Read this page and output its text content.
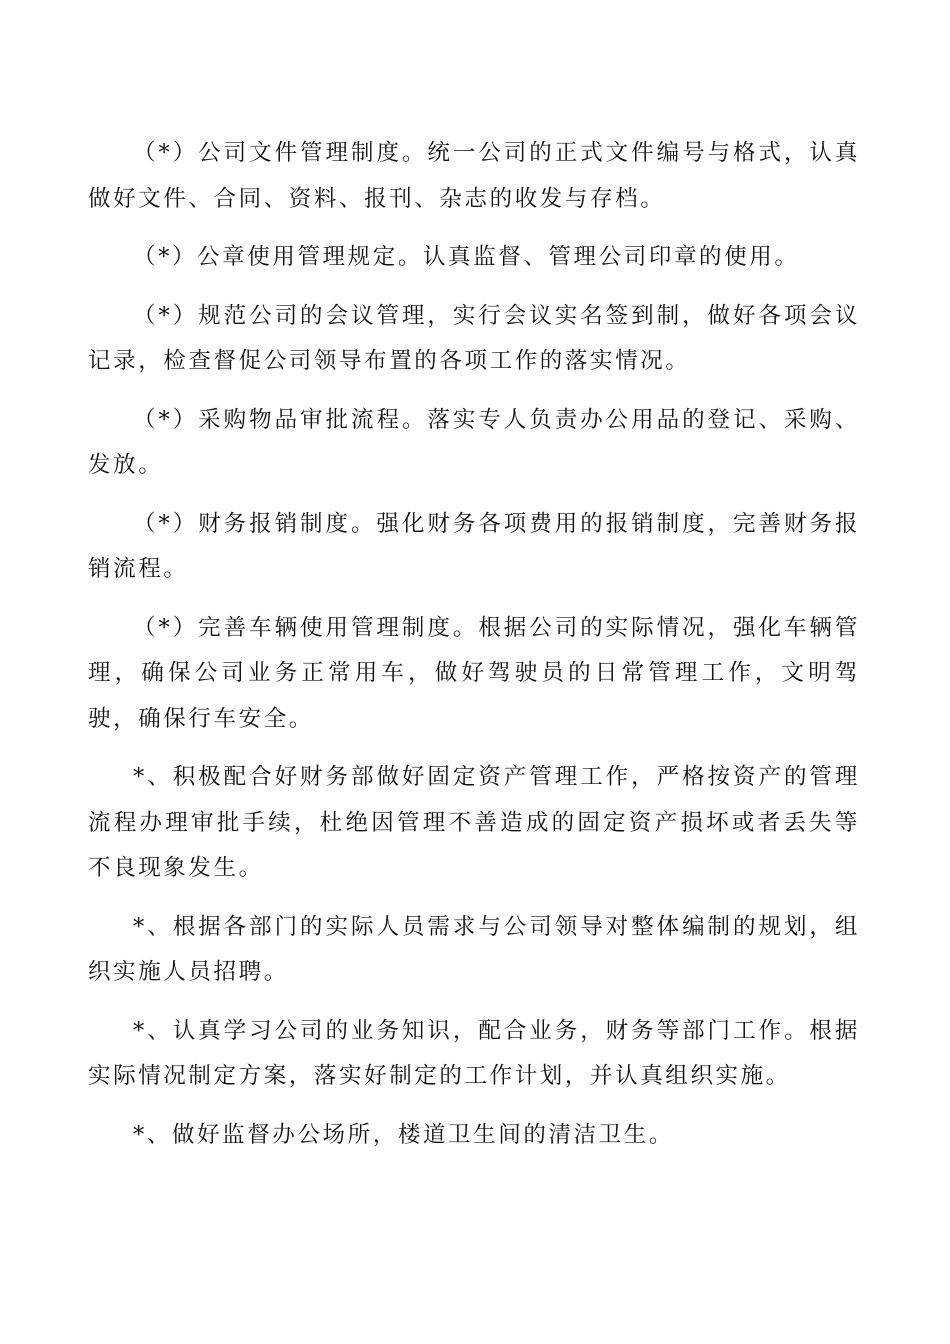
（*）公司文件管理制度。统一公司的正式文件编号与格式，认真做好文件、合同、资料、报刊、杂志的收发与存档。

（*）公章使用管理规定。认真监督、管理公司印章的使用。

（*）规范公司的会议管理，实行会议实名签到制，做好各项会议记录，检查督促公司领导布置的各项工作的落实情况。

（*）采购物品审批流程。落实专人负责办公用品的登记、采购、发放。

（*）财务报销制度。强化财务各项费用的报销制度，完善财务报销流程。

（*）完善车辆使用管理制度。根据公司的实际情况，强化车辆管理，确保公司业务正常用车，做好驾驶员的日常管理工作，文明驾驶，确保行车安全。

*、积极配合好财务部做好固定资产管理工作，严格按资产的管理流程办理审批手续，杜绝因管理不善造成的固定资产损坏或者丢失等不良现象发生。

*、根据各部门的实际人员需求与公司领导对整体编制的规划，组织实施人员招聘。

*、认真学习公司的业务知识，配合业务，财务等部门工作。根据实际情况制定方案，落实好制定的工作计划，并认真组织实施。

*、做好监督办公场所，楼道卫生间的清洁卫生。
